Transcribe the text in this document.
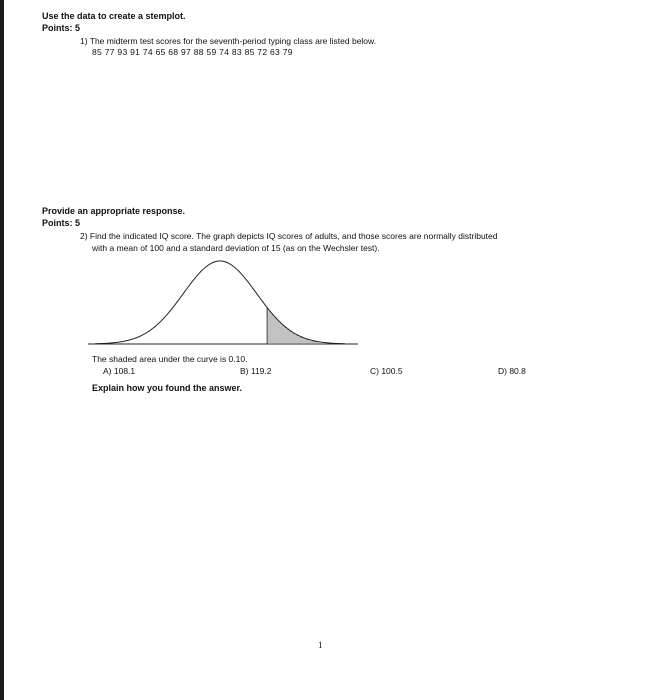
Use the data to create a stemplot.
Points: 5
1) The midterm test scores for the seventh-period typing class are listed below.
85 77 93 91 74 65 68 97 88 59 74 83 85 72 63 79
Provide an appropriate response.
Points: 5
2) Find the indicated IQ score. The graph depicts IQ scores of adults, and those scores are normally distributed
with a mean of 100 and a standard deviation of 15 (as on the Wechsler test).
The shaded area under the curve is 0.10.
A) 108.1	B) 119.2	C) 100.5	D) 80.8
Explain how you found the answer.
1
